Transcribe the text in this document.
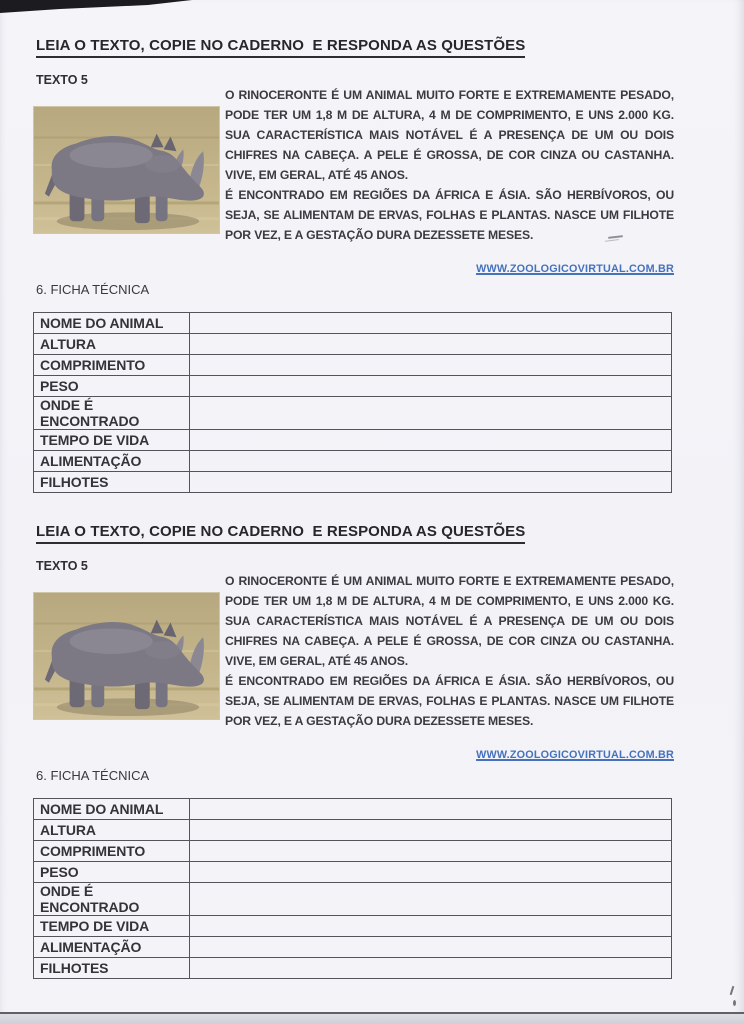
LEIA O TEXTO, COPIE NO CADERNO  E RESPONDA AS QUESTÕES
TEXTO 5

O RINOCERONTE É UM ANIMAL MUITO FORTE E EXTREMAMENTE PESADO, PODE TER UM 1,8 M DE ALTURA, 4 M DE COMPRIMENTO, E UNS 2.000 KG. SUA CARACTERÍSTICA MAIS NOTÁVEL É A PRESENÇA DE UM OU DOIS CHIFRES NA CABEÇA. A PELE É GROSSA, DE COR CINZA OU CASTANHA. VIVE, EM GERAL, ATÉ 45 ANOS.

É ENCONTRADO EM REGIÕES DA ÁFRICA E ÁSIA. SÃO HERBÍVOROS, OU SEJA, SE ALIMENTAM DE ERVAS, FOLHAS E PLANTAS. NASCE UM FILHOTE POR VEZ, E A GESTAÇÃO DURA DEZESSETE MESES.

WWW.ZOOLOGICOVIRTUAL.COM.BR
6. FICHA TÉCNICA
NOME DO ANIMAL	
ALTURA	
COMPRIMENTO	
PESO	
ONDE É ENCONTRADO	
TEMPO DE VIDA	
ALIMENTAÇÃO	
FILHOTES	
LEIA O TEXTO, COPIE NO CADERNO  E RESPONDA AS QUESTÕES
TEXTO 5

O RINOCERONTE É UM ANIMAL MUITO FORTE E EXTREMAMENTE PESADO, PODE TER UM 1,8 M DE ALTURA, 4 M DE COMPRIMENTO, E UNS 2.000 KG. SUA CARACTERÍSTICA MAIS NOTÁVEL É A PRESENÇA DE UM OU DOIS CHIFRES NA CABEÇA. A PELE É GROSSA, DE COR CINZA OU CASTANHA. VIVE, EM GERAL, ATÉ 45 ANOS.

É ENCONTRADO EM REGIÕES DA ÁFRICA E ÁSIA. SÃO HERBÍVOROS, OU SEJA, SE ALIMENTAM DE ERVAS, FOLHAS E PLANTAS. NASCE UM FILHOTE POR VEZ, E A GESTAÇÃO DURA DEZESSETE MESES.

WWW.ZOOLOGICOVIRTUAL.COM.BR
6. FICHA TÉCNICA
NOME DO ANIMAL	
ALTURA	
COMPRIMENTO	
PESO	
ONDE É ENCONTRADO	
TEMPO DE VIDA	
ALIMENTAÇÃO	
FILHOTES	
